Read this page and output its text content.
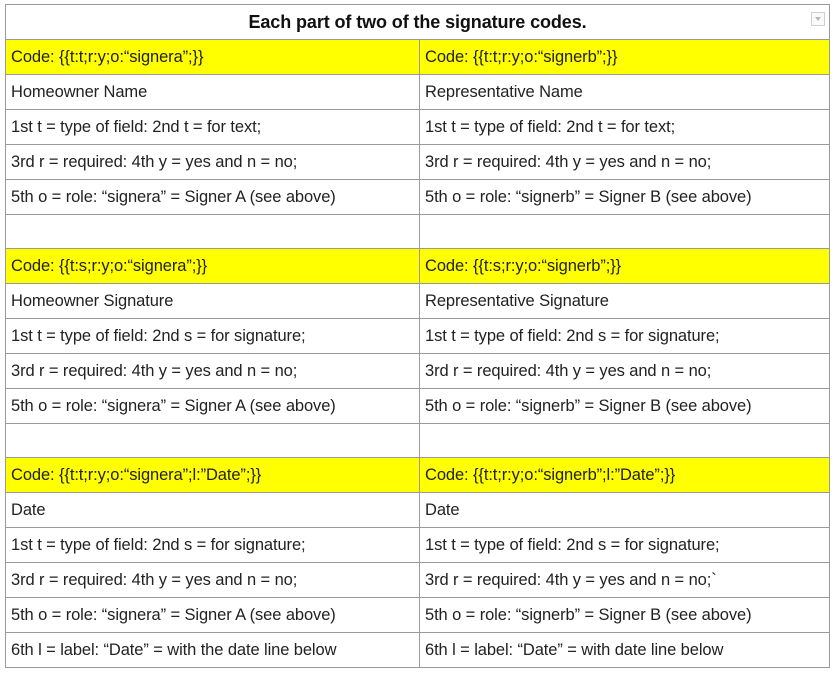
Each part of two of the signature codes.	

Code: {{t:t;r:y;o:“signera”;}}	Code: {{t:t;r:y;o:“signerb”;}}
Homeowner Name	Representative Name
1st t = type of field: 2nd t = for text;	1st t = type of field: 2nd t = for text;
3rd r = required: 4th y = yes and n = no;	3rd r = required: 4th y = yes and n = no;
5th o = role: “signera” = Signer A (see above)	5th o = role: “signerb” = Signer B (see above)

Code: {{t:s;r:y;o:“signera”;}}	Code: {{t:s;r:y;o:“signerb”;}}
Homeowner Signature	Representative Signature
1st t = type of field: 2nd s = for signature;	1st t = type of field: 2nd s = for signature;
3rd r = required: 4th y = yes and n = no;	3rd r = required: 4th y = yes and n = no;
5th o = role: “signera” = Signer A (see above)	5th o = role: “signerb” = Signer B (see above)

Code: {{t:t;r:y;o:“signera”;l:”Date”;}}	Code: {{t:t;r:y;o:“signerb”;l:”Date”;}}
Date	Date
1st t = type of field: 2nd s = for signature;	1st t = type of field: 2nd s = for signature;
3rd r = required: 4th y = yes and n = no;	3rd r = required: 4th y = yes and n = no;`
5th o = role: “signera” = Signer A (see above)	5th o = role: “signerb” = Signer B (see above)
6th l = label: “Date” = with the date line below	6th l = label: “Date” = with date line below
